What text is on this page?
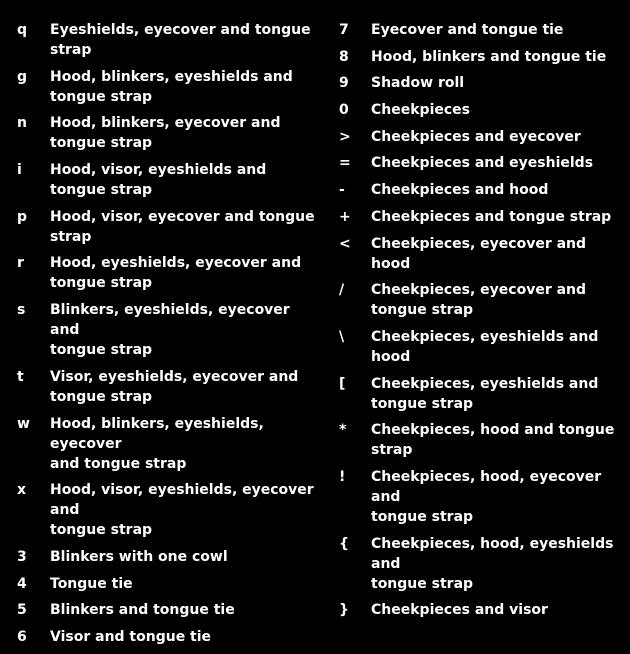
q	Eyeshields, eyecover and tongue strap
g	Hood, blinkers, eyeshields and
tongue strap
n	Hood, blinkers, eyecover and
tongue strap
i	Hood, visor, eyeshields and
tongue strap
p	Hood, visor, eyecover and tongue strap
r	Hood, eyeshields, eyecover and
tongue strap
s	Blinkers, eyeshields, eyecover and
tongue strap
t	Visor, eyeshields, eyecover and
tongue strap
w	Hood, blinkers, eyeshields, eyecover
and tongue strap
x	Hood, visor, eyeshields, eyecover and
tongue strap
3	Blinkers with one cowl
4	Tongue tie
5	Blinkers and tongue tie
6	Visor and tongue tie
7	Eyecover and tongue tie
8	Hood, blinkers and tongue tie
9	Shadow roll
0	Cheekpieces
>	Cheekpieces and eyecover
=	Cheekpieces and eyeshields
-	Cheekpieces and hood
+	Cheekpieces and tongue strap
<	Cheekpieces, eyecover and hood
/	Cheekpieces, eyecover and
tongue strap
\	Cheekpieces, eyeshields and hood
[	Cheekpieces, eyeshields and
tongue strap
*	Cheekpieces, hood and tongue strap
!	Cheekpieces, hood, eyecover and
tongue strap
{	Cheekpieces, hood, eyeshields and
tongue strap
}	Cheekpieces and visor
